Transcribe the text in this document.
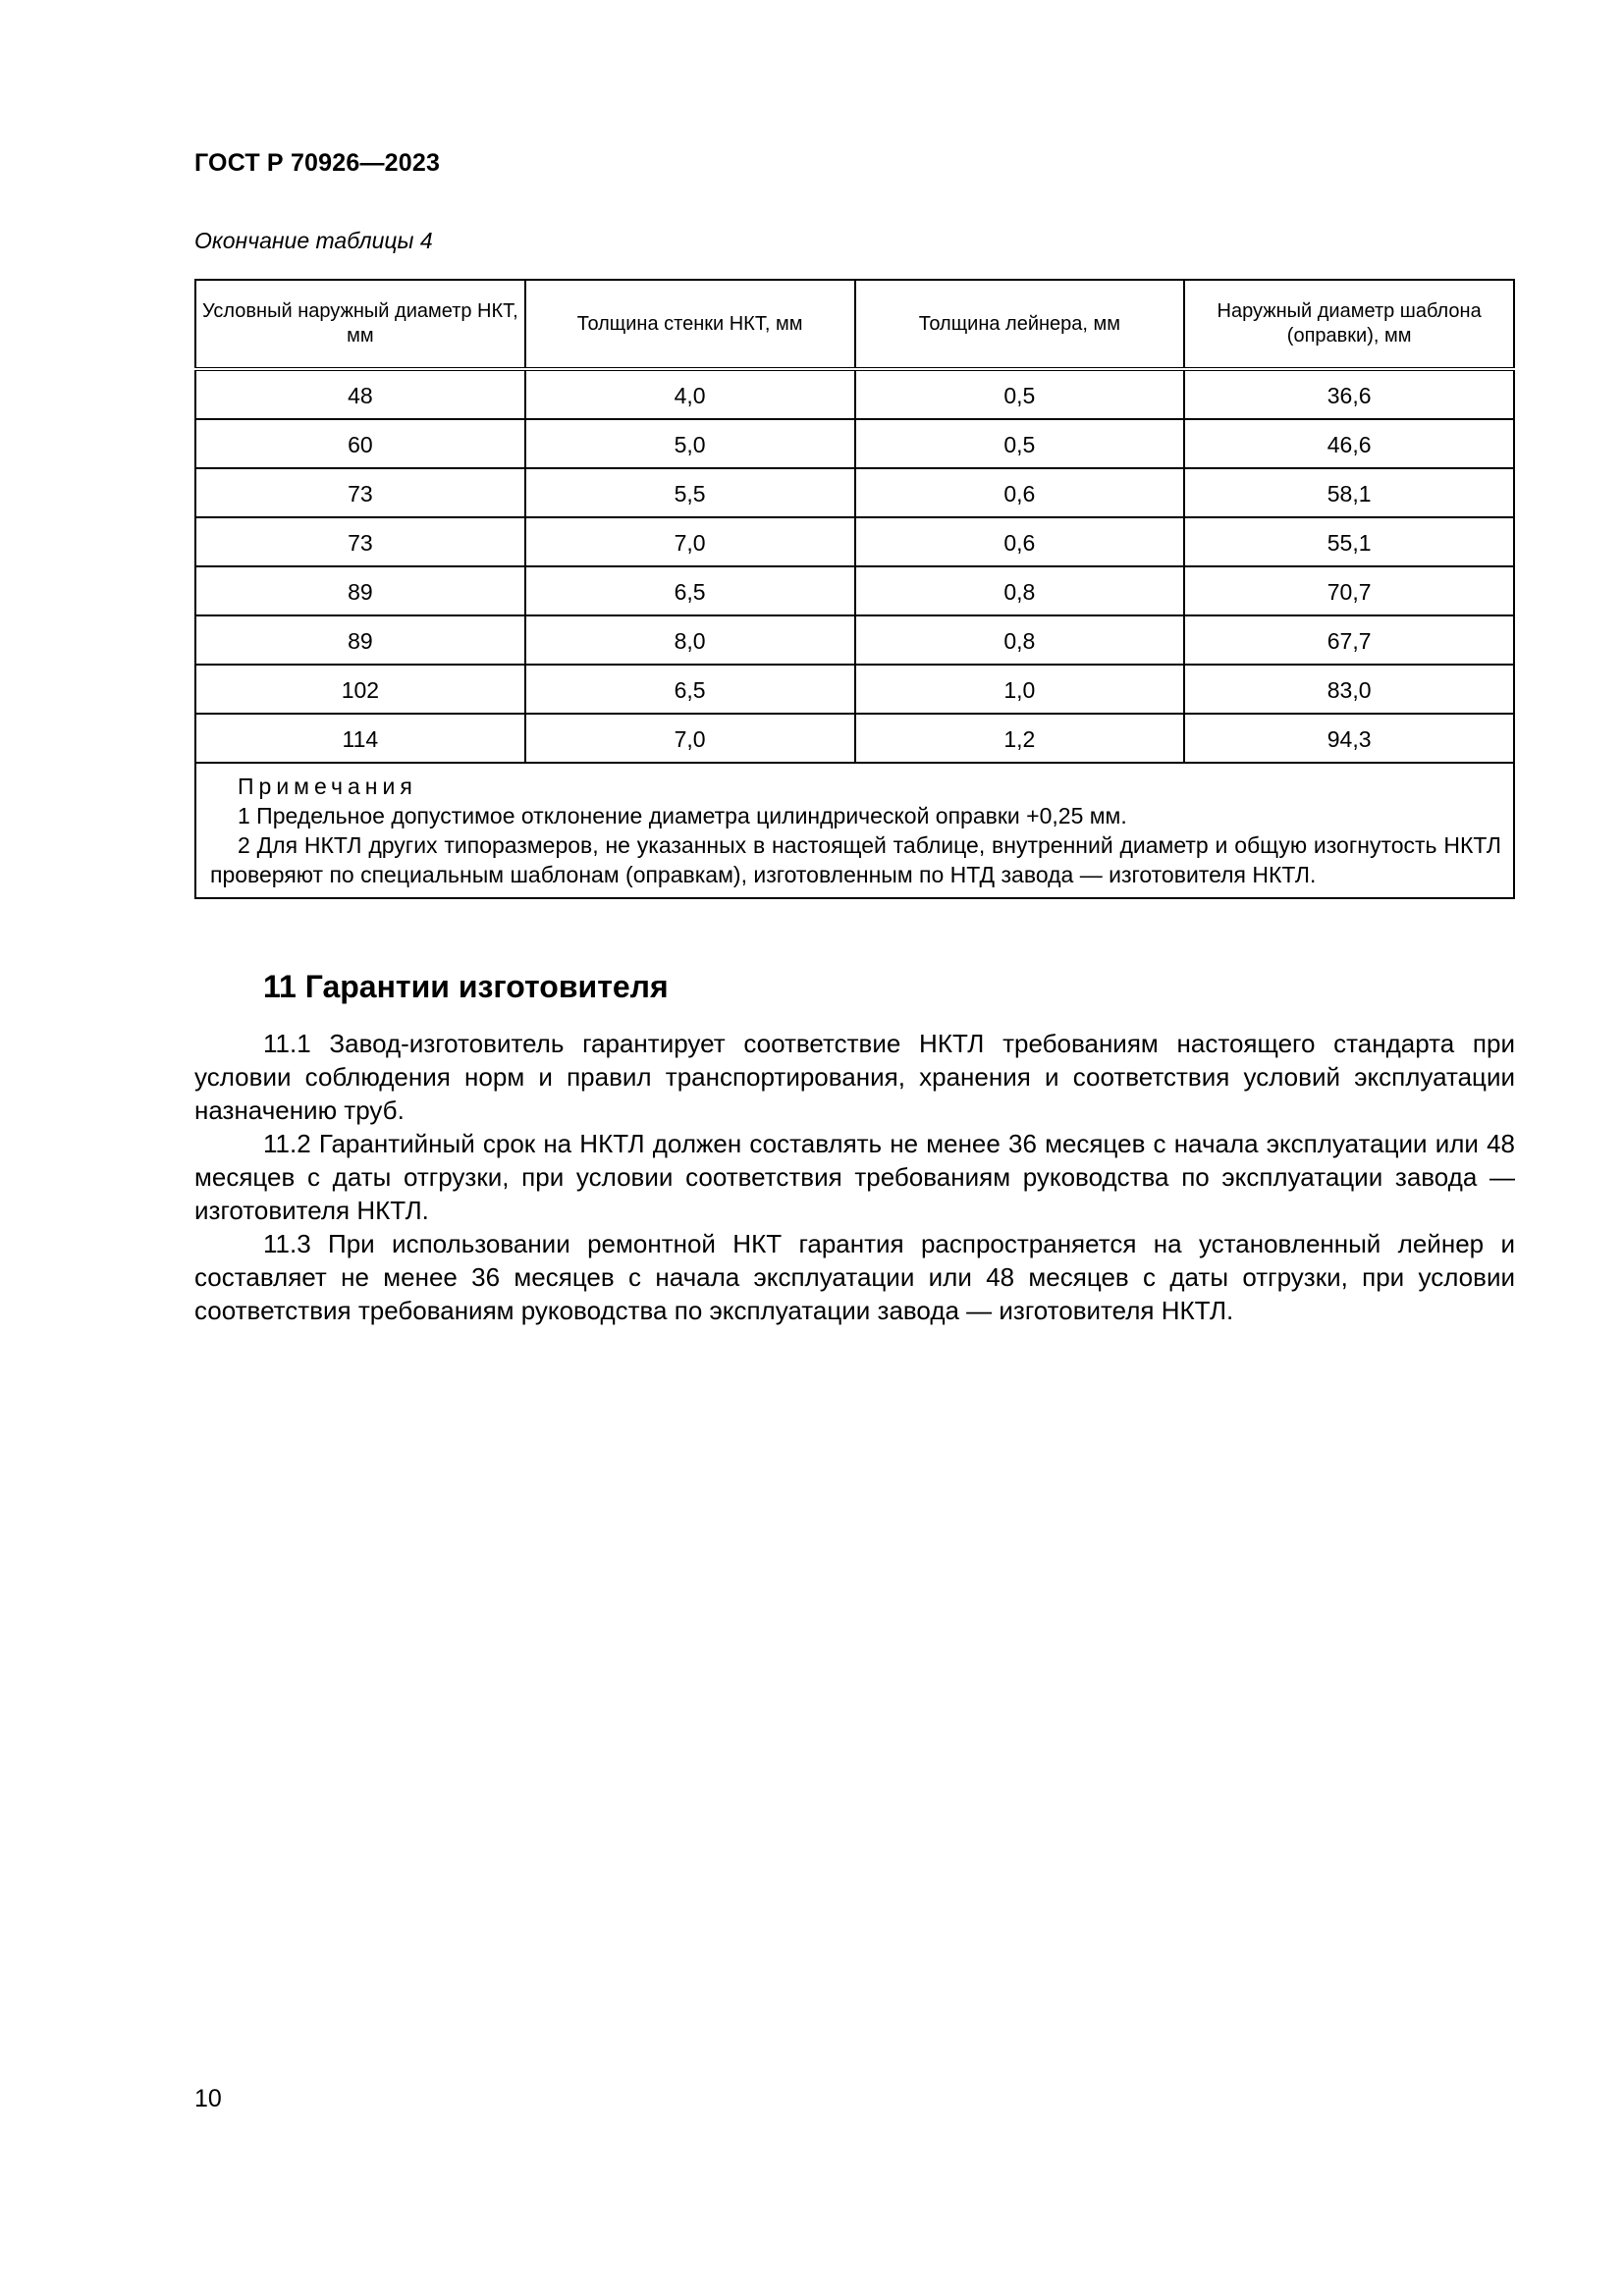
ГОСТ Р 70926—2023
Окончание таблицы 4
Условный наружный диаметр НКТ, мм	Толщина стенки НКТ, мм	Толщина лейнера, мм	Наружный диаметр шаблона (оправки), мм
48	4,0	0,5	36,6
60	5,0	0,5	46,6
73	5,5	0,6	58,1
73	7,0	0,6	55,1
89	6,5	0,8	70,7
89	8,0	0,8	67,7
102	6,5	1,0	83,0
114	7,0	1,2	94,3

Примечания
1 Предельное допустимое отклонение диаметра цилиндрической оправки +0,25 мм.
2 Для НКТЛ других типоразмеров, не указанных в настоящей таблице, внутренний диаметр и общую изогнутость НКТЛ проверяют по специальным шаблонам (оправкам), изготовленным по НТД завода — изготовителя НКТЛ.			
11 Гарантии изготовителя

11.1 Завод-изготовитель гарантирует соответствие НКТЛ требованиям настоящего стандарта при условии соблюдения норм и правил транспортирования, хранения и соответствия условий эксплуатации назначению труб.

11.2 Гарантийный срок на НКТЛ должен составлять не менее 36 месяцев с начала эксплуатации или 48 месяцев с даты отгрузки, при условии соответствия требованиям руководства по эксплуатации завода — изготовителя НКТЛ.

11.3 При использовании ремонтной НКТ гарантия распространяется на установленный лейнер и составляет не менее 36 месяцев с начала эксплуатации или 48 месяцев с даты отгрузки, при условии соответствия требованиям руководства по эксплуатации завода — изготовителя НКТЛ.

10
